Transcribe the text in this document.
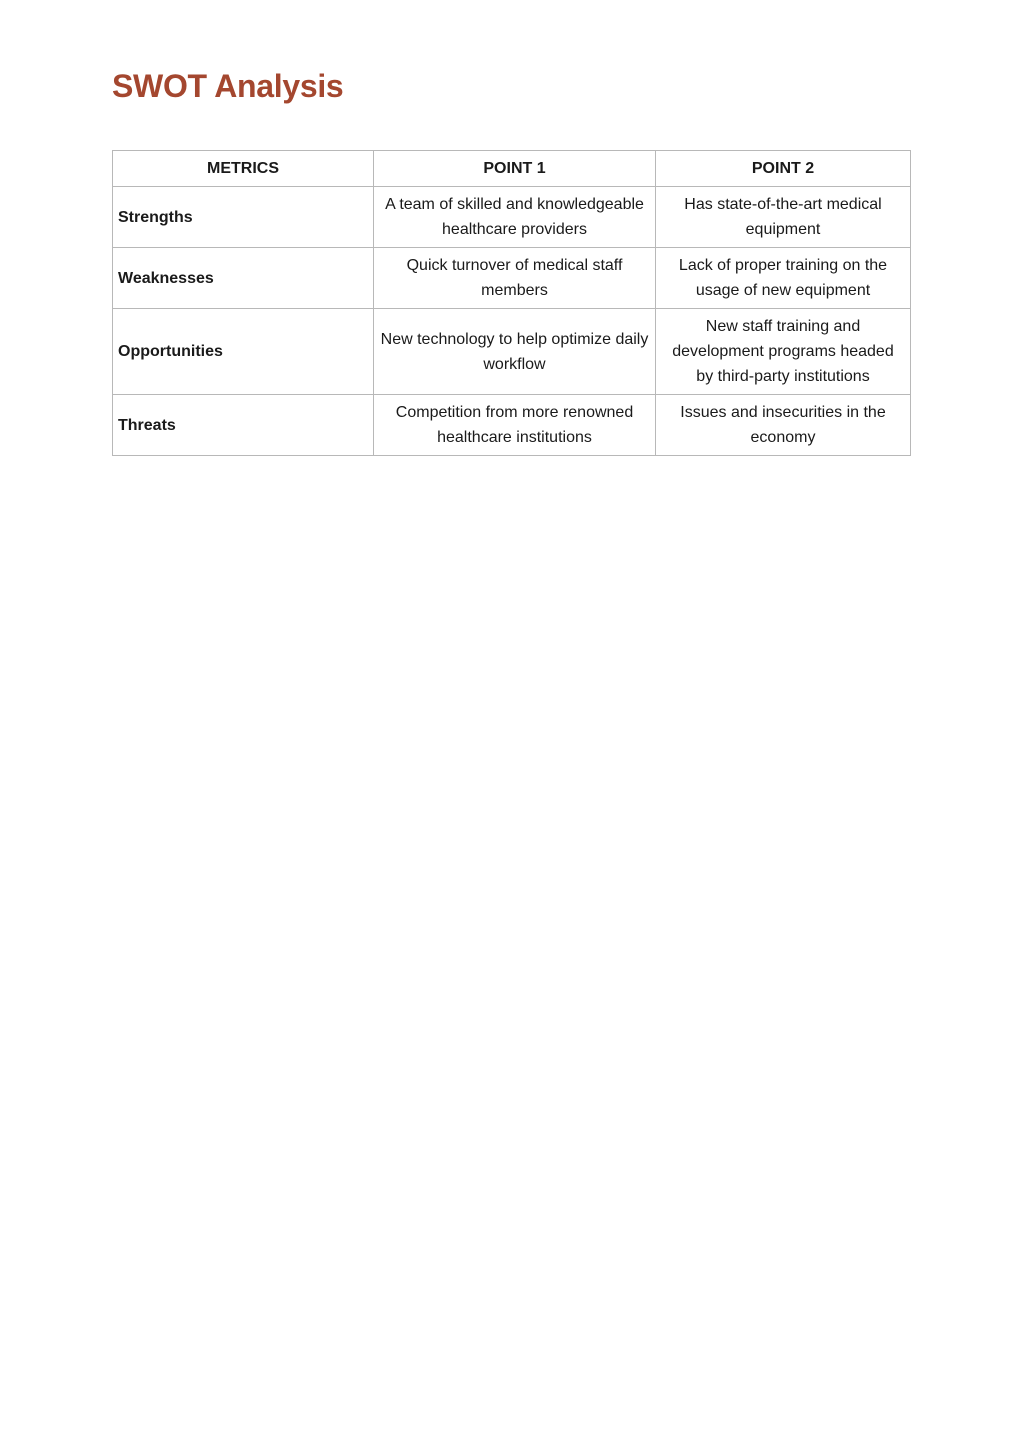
SWOT Analysis
METRICS	POINT 1	POINT 2
Strengths	A team of skilled and knowledgeable healthcare providers	Has state-of-the-art medical equipment
Weaknesses	Quick turnover of medical staff members	Lack of proper training on the usage of new equipment
Opportunities	New technology to help optimize daily workflow	New staff training and development programs headed by third-party institutions
Threats	Competition from more renowned healthcare institutions	Issues and insecurities in the economy
